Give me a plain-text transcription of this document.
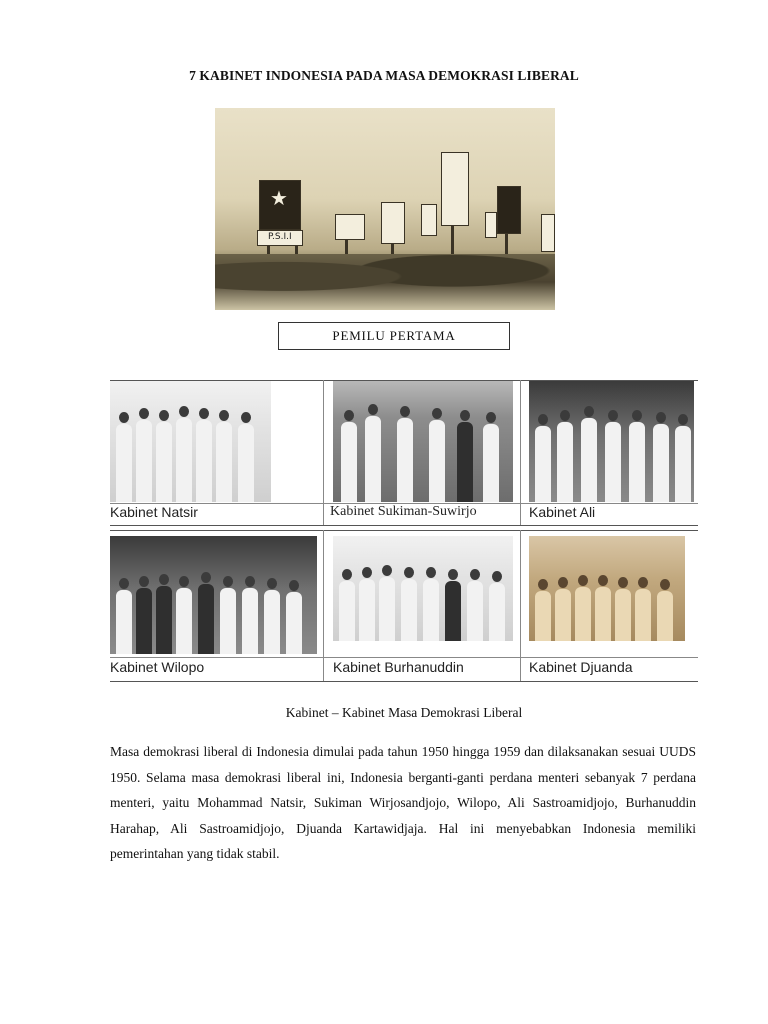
7 KABINET INDONESIA PADA MASA DEMOKRASI LIBERAL
★
P.S.I.I
PEMILU PERTAMA
Kabinet Natsir	Kabinet Sukiman-Suwirjo	Kabinet Ali
Kabinet Wilopo	Kabinet Burhanuddin	Kabinet Djuanda
Kabinet – Kabinet Masa Demokrasi Liberal

Masa demokrasi liberal di Indonesia dimulai pada tahun 1950 hingga 1959 dan dilaksanakan sesuai UUDS 1950. Selama masa demokrasi liberal ini, Indonesia berganti-ganti perdana menteri sebanyak 7 perdana menteri, yaitu Mohammad Natsir, Sukiman Wirjosandjojo, Wilopo, Ali Sastroamidjojo, Burhanuddin Harahap, Ali Sastroamidjojo, Djuanda Kartawidjaja. Hal ini menyebabkan Indonesia memiliki pemerintahan yang tidak stabil.
